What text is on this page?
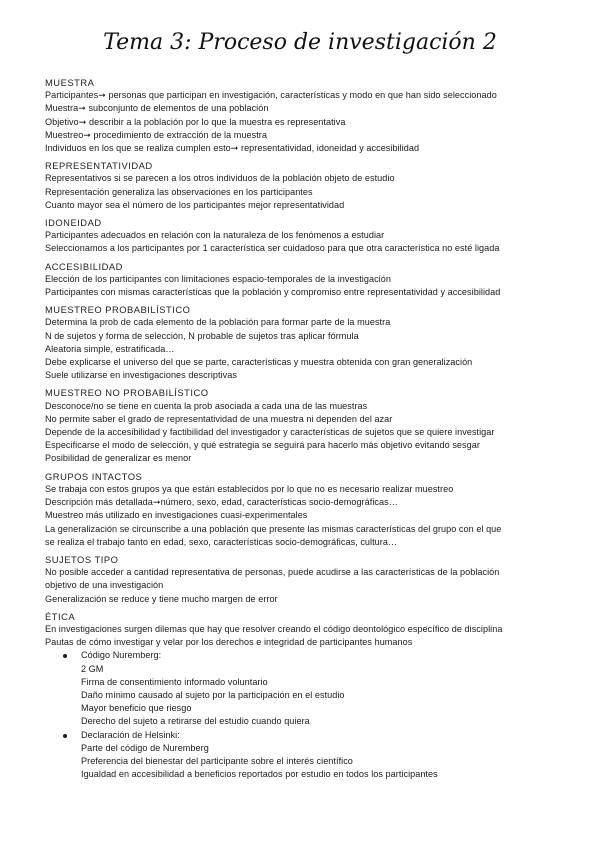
Tema 3: Proceso de investigación 2
MUESTRA
Participantes➞ personas que participan en investigación, características y modo en que han sido seleccionado
Muestra➞ subconjunto de elementos de una población
Objetivo➞ describir a la población por lo que la muestra es representativa
Muestreo➞ procedimiento de extracción de la muestra
Individuos en los que se realiza cumplen esto➞ representatividad, idoneidad y accesibilidad
REPRESENTATIVIDAD
Representativos si se parecen a los otros individuos de la población objeto de estudio
Representación generaliza las observaciones en los participantes
Cuanto mayor sea el número de los participantes mejor representatividad
IDONEIDAD
Participantes adecuados en relación con la naturaleza de los fenómenos a estudiar
Seleccionamos a los participantes por 1 característica ser cuidadoso para que otra característica no esté ligada
ACCESIBILIDAD
Elección de los participantes con limitaciones espacio-temporales de la investigación
Participantes con mismas características que la población y compromiso entre representatividad y accesibilidad
MUESTREO PROBABILÍSTICO
Determina la prob de cada elemento de la población para formar parte de la muestra
N de sujetos y forma de selección, N probable de sujetos tras aplicar fórmula
Aleatoria simple, estratificada…
Debe explicarse el universo del que se parte, características y muestra obtenida con gran generalización
Suele utilizarse en investigaciones descriptivas
MUESTREO NO PROBABILÍSTICO
Desconoce/no se tiene en cuenta la prob asociada a cada una de las muestras
No permite saber el grado de representatividad de una muestra ni dependen del azar
Depende de la accesibilidad y factibilidad del investigador y características de sujetos que se quiere investigar
Especificarse el modo de selección, y qué estrategia se seguirá para hacerlo más objetivo evitando sesgar
Posibilidad de generalizar es menor
GRUPOS INTACTOS
Se trabaja con estos grupos ya que están establecidos por lo que no es necesario realizar muestreo
Descripción más detallada➞número, sexo, edad, características socio-demográficas…
Muestreo más utilizado en investigaciones cuasi-experimentales
La generalización se circunscribe a una población que presente las mismas características del grupo con el que
se realiza el trabajo tanto en edad, sexo, características socio-demográficas, cultura…
SUJETOS TIPO
No posible acceder a cantidad representativa de personas, puede acudirse a las características de la población
objetivo de una investigación
Generalización se reduce y tiene mucho margen de error
ÉTICA
En investigaciones surgen dilemas que hay que resolver creando el código deontológico específico de disciplina
Pautas de cómo investigar y velar por los derechos e integridad de participantes humanos
Código Nuremberg:
2 GM
Firma de consentimiento informado voluntario
Daño mínimo causado al sujeto por la participación en el estudio
Mayor beneficio que riesgo
Derecho del sujeto a retirarse del estudio cuando quiera
Declaración de Helsinki:
Parte del código de Nuremberg
Preferencia del bienestar del participante sobre el interés científico
Igualdad en accesibilidad a beneficios reportados por estudio en todos los participantes
